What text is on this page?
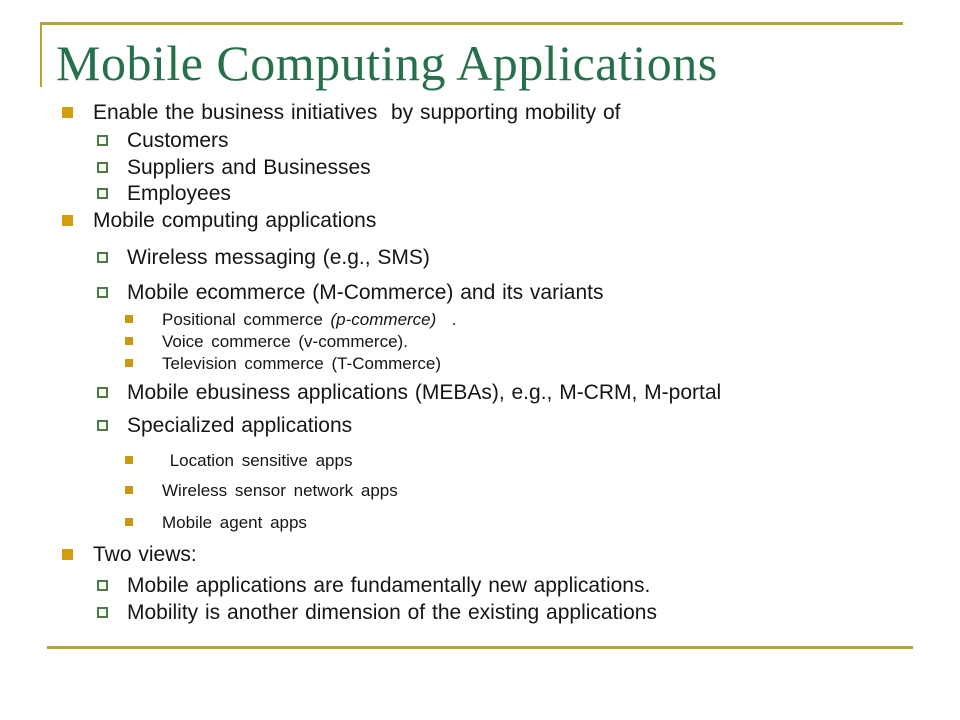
Mobile Computing Applications
Enable the business initiatives  by supporting mobility of
Customers
Suppliers and Businesses
Employees
Mobile computing applications
Wireless messaging (e.g., SMS)
Mobile ecommerce (M-Commerce) and its variants
Positional commerce (p-commerce)  .
Voice commerce (v-commerce).
Television commerce (T-Commerce)
Mobile ebusiness applications (MEBAs), e.g., M-CRM, M-portal
Specialized applications
Location sensitive apps
Wireless sensor network apps
Mobile agent apps
Two views:
Mobile applications are fundamentally new applications.
Mobility is another dimension of the existing applications
